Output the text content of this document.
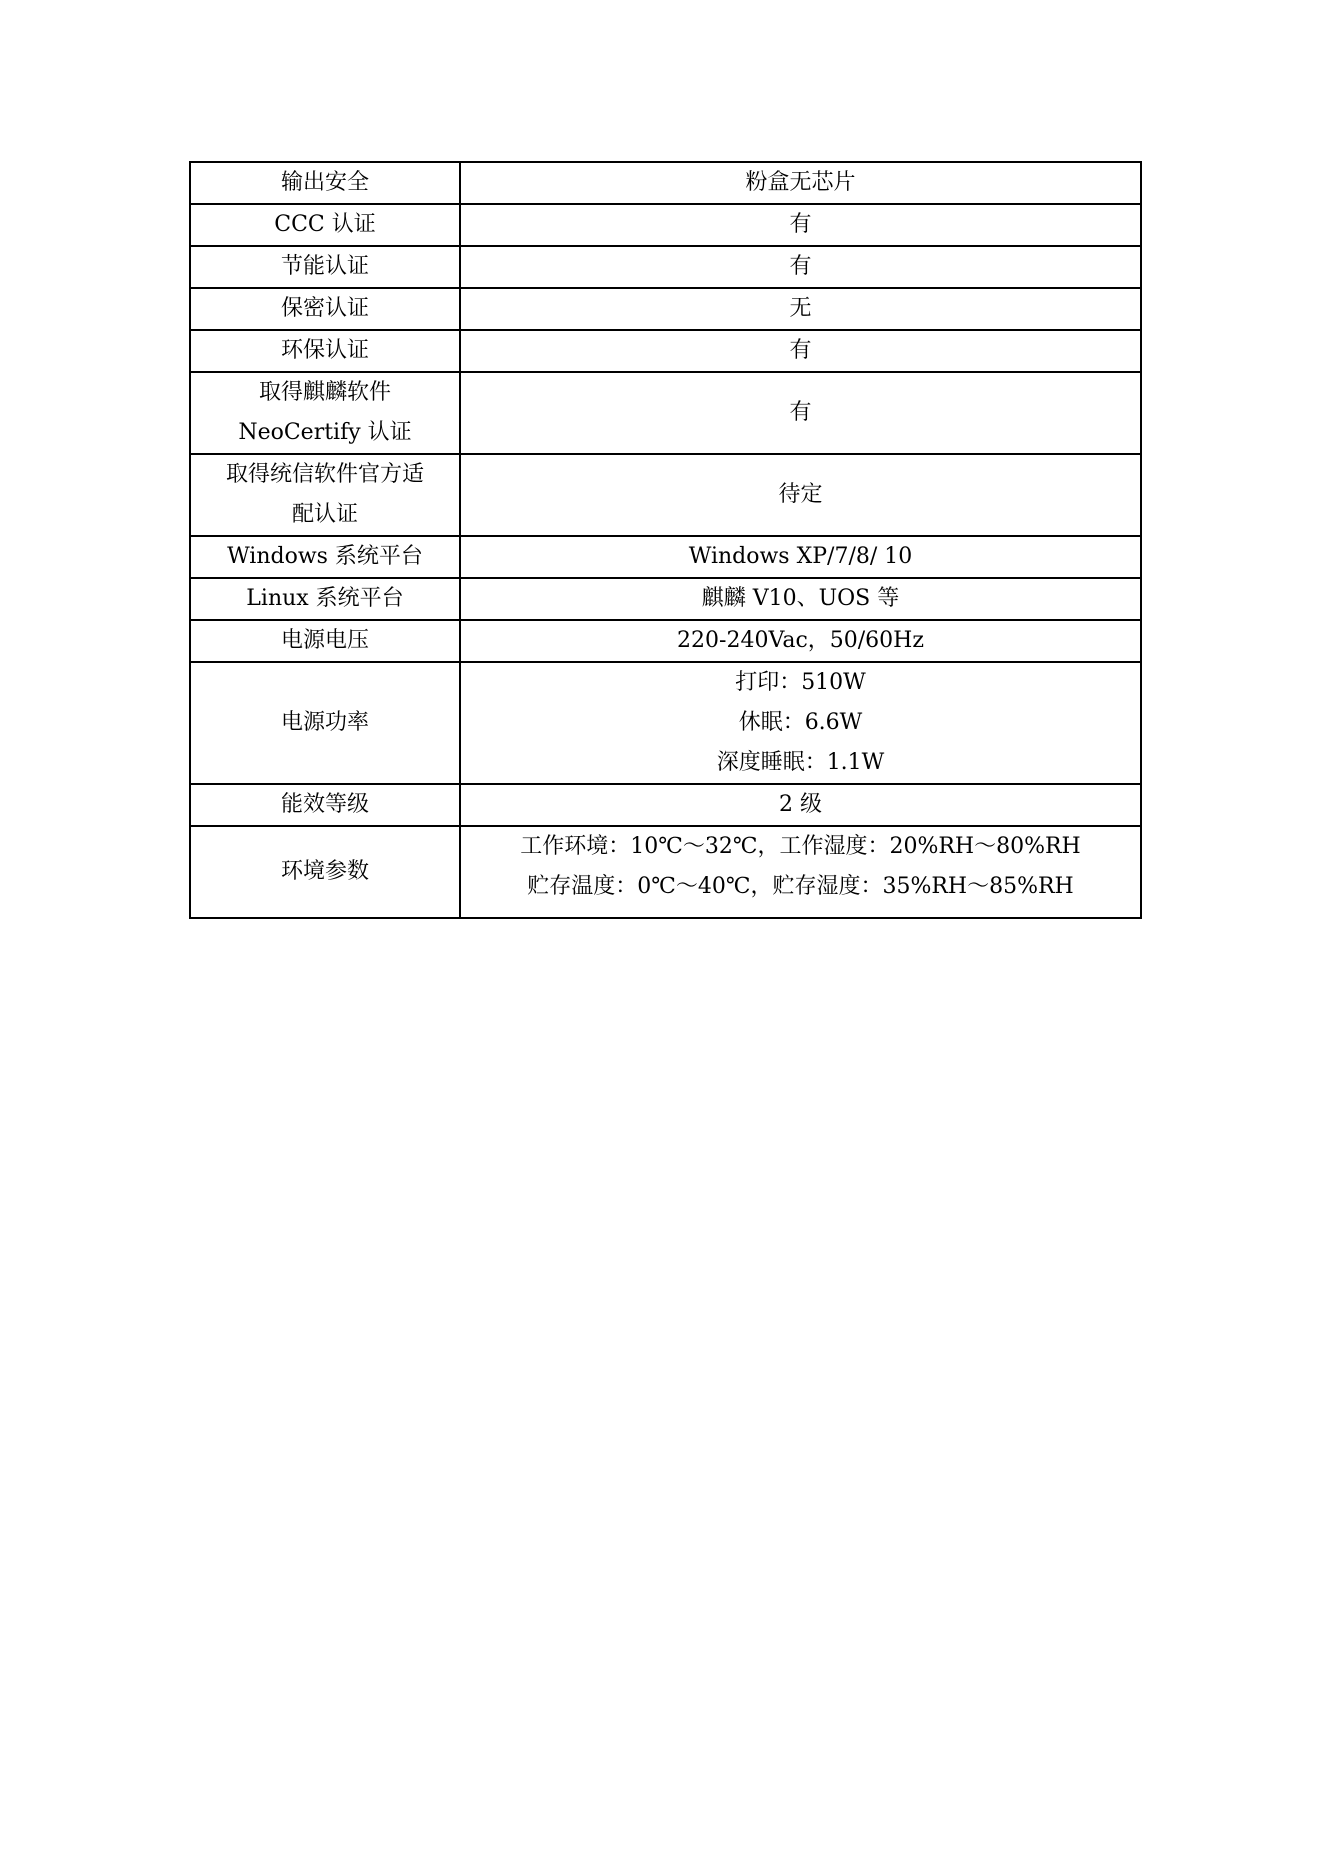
输出安全	粉盒无芯片

CCC 认证	有

节能认证	有

保密认证	无

环保认证	有

取得麒麟软件
NeoCertify 认证	有

取得统信软件官方适
配认证	待定

Windows 系统平台	Windows XP/7/8/ 10

Linux 系统平台	麒麟 V10、UOS 等

电源电压	220-240Vac，50/60Hz

电源功率	打印：510W
休眠：6.6W
深度睡眠：1.1W

能效等级	2 级

环境参数	工作环境：10℃～32℃，工作湿度：20%RH～80%RH
贮存温度：0℃～40℃，贮存湿度：35%RH～85%RH
